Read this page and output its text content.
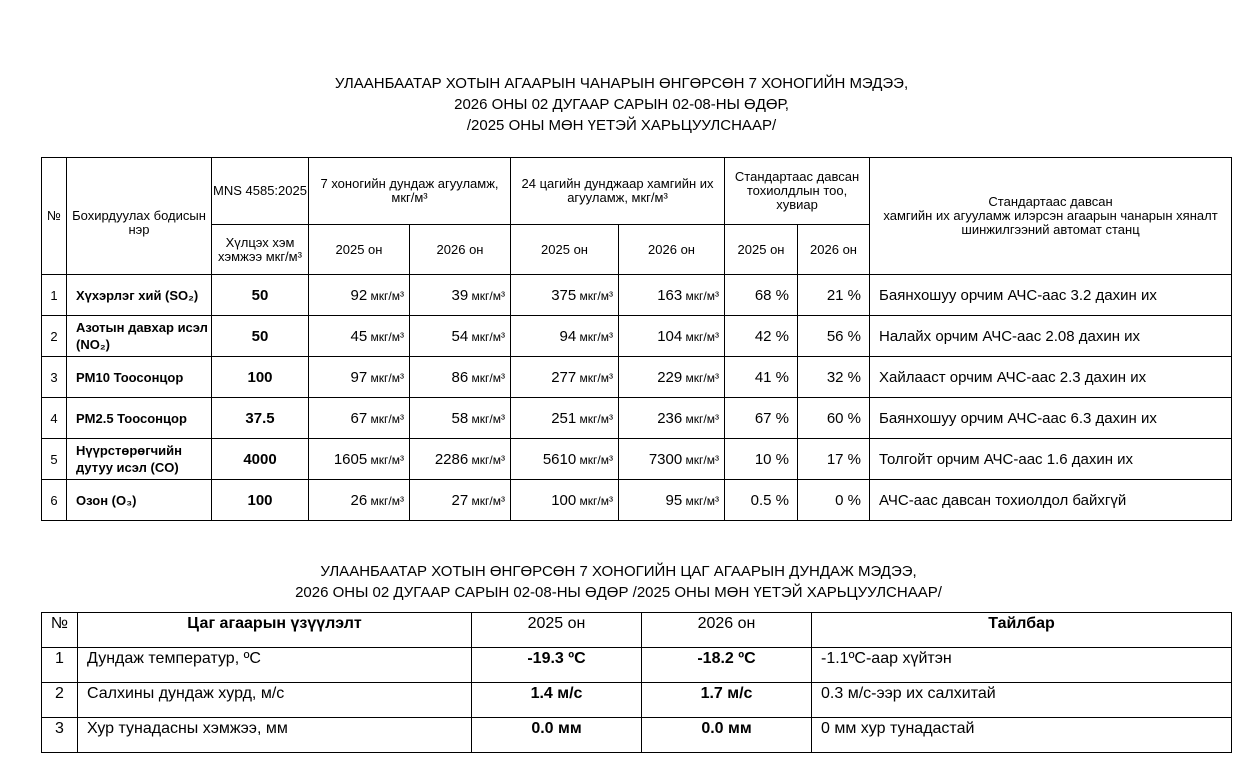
УЛААНБААТАР ХОТЫН АГААРЫН ЧАНАРЫН ӨНГӨРСӨН 7 ХОНОГИЙН МЭДЭЭ,
2026 ОНЫ 02 ДУГААР САРЫН 02-08-НЫ ӨДӨР,
/2025 ОНЫ МӨН ҮЕТЭЙ ХАРЬЦУУЛСНААР/
№	Бохирдуулах бодисын нэр	MNS 4585:2025	7 хоногийн дундаж агууламж, мкг/м³		24 цагийн дунджаар хамгийн их агууламж, мкг/м³		Стандартаас давсан тохиолдлын тоо, хувиар		Стандартаас давсан
хамгийн их агууламж илэрсэн агаарын чанарын хяналт шинжилгээний автомат станц

		Хүлцэх хэм хэмжээ мкг/м³	2025 он	2026 он	2025 он	2026 он	2025 он	2026 он	
1	Хүхэрлэг хий (SO₂)	50	92 мкг/м³	39 мкг/м³	375 мкг/м³	163 мкг/м³	68 %	21 %	Баянхошуу орчим АЧС-аас 3.2 дахин их
2	Азотын давхар исэл (NO₂)	50	45 мкг/м³	54 мкг/м³	94 мкг/м³	104 мкг/м³	42 %	56 %	Налайх орчим АЧС-аас 2.08 дахин их
3	PM10 Тоосонцор	100	97 мкг/м³	86 мкг/м³	277 мкг/м³	229 мкг/м³	41 %	32 %	Хайлааст орчим АЧС-аас 2.3 дахин их
4	PM2.5 Тоосонцор	37.5	67 мкг/м³	58 мкг/м³	251 мкг/м³	236 мкг/м³	67 %	60 %	Баянхошуу орчим АЧС-аас 6.3 дахин их
5	Нүүрстөрөгчийн дутуу исэл (CO)	4000	1605 мкг/м³	2286 мкг/м³	5610 мкг/м³	7300 мкг/м³	10 %	17 %	Толгойт орчим АЧС-аас 1.6 дахин их
6	Озон (O₃)	100	26 мкг/м³	27 мкг/м³	100 мкг/м³	95 мкг/м³	0.5 %	0 %	АЧС-аас давсан тохиолдол байхгүй
УЛААНБААТАР ХОТЫН ӨНГӨРСӨН 7 ХОНОГИЙН ЦАГ АГААРЫН ДУНДАЖ МЭДЭЭ,
2026 ОНЫ 02 ДУГААР САРЫН 02-08-НЫ ӨДӨР /2025 ОНЫ МӨН ҮЕТЭЙ ХАРЬЦУУЛСНААР/
№	Цаг агаарын үзүүлэлт	2025 он	2026 он	Тайлбар
1	Дундаж температур, ºС	-19.3 ºС	-18.2 ºС	-1.1ºС-аар хүйтэн
2	Салхины дундаж хурд, м/с	1.4 м/с	1.7 м/с	0.3 м/с-ээр их салхитай
3	Хур тунадасны хэмжээ, мм	0.0 мм	0.0 мм	0 мм хур тунадастай
